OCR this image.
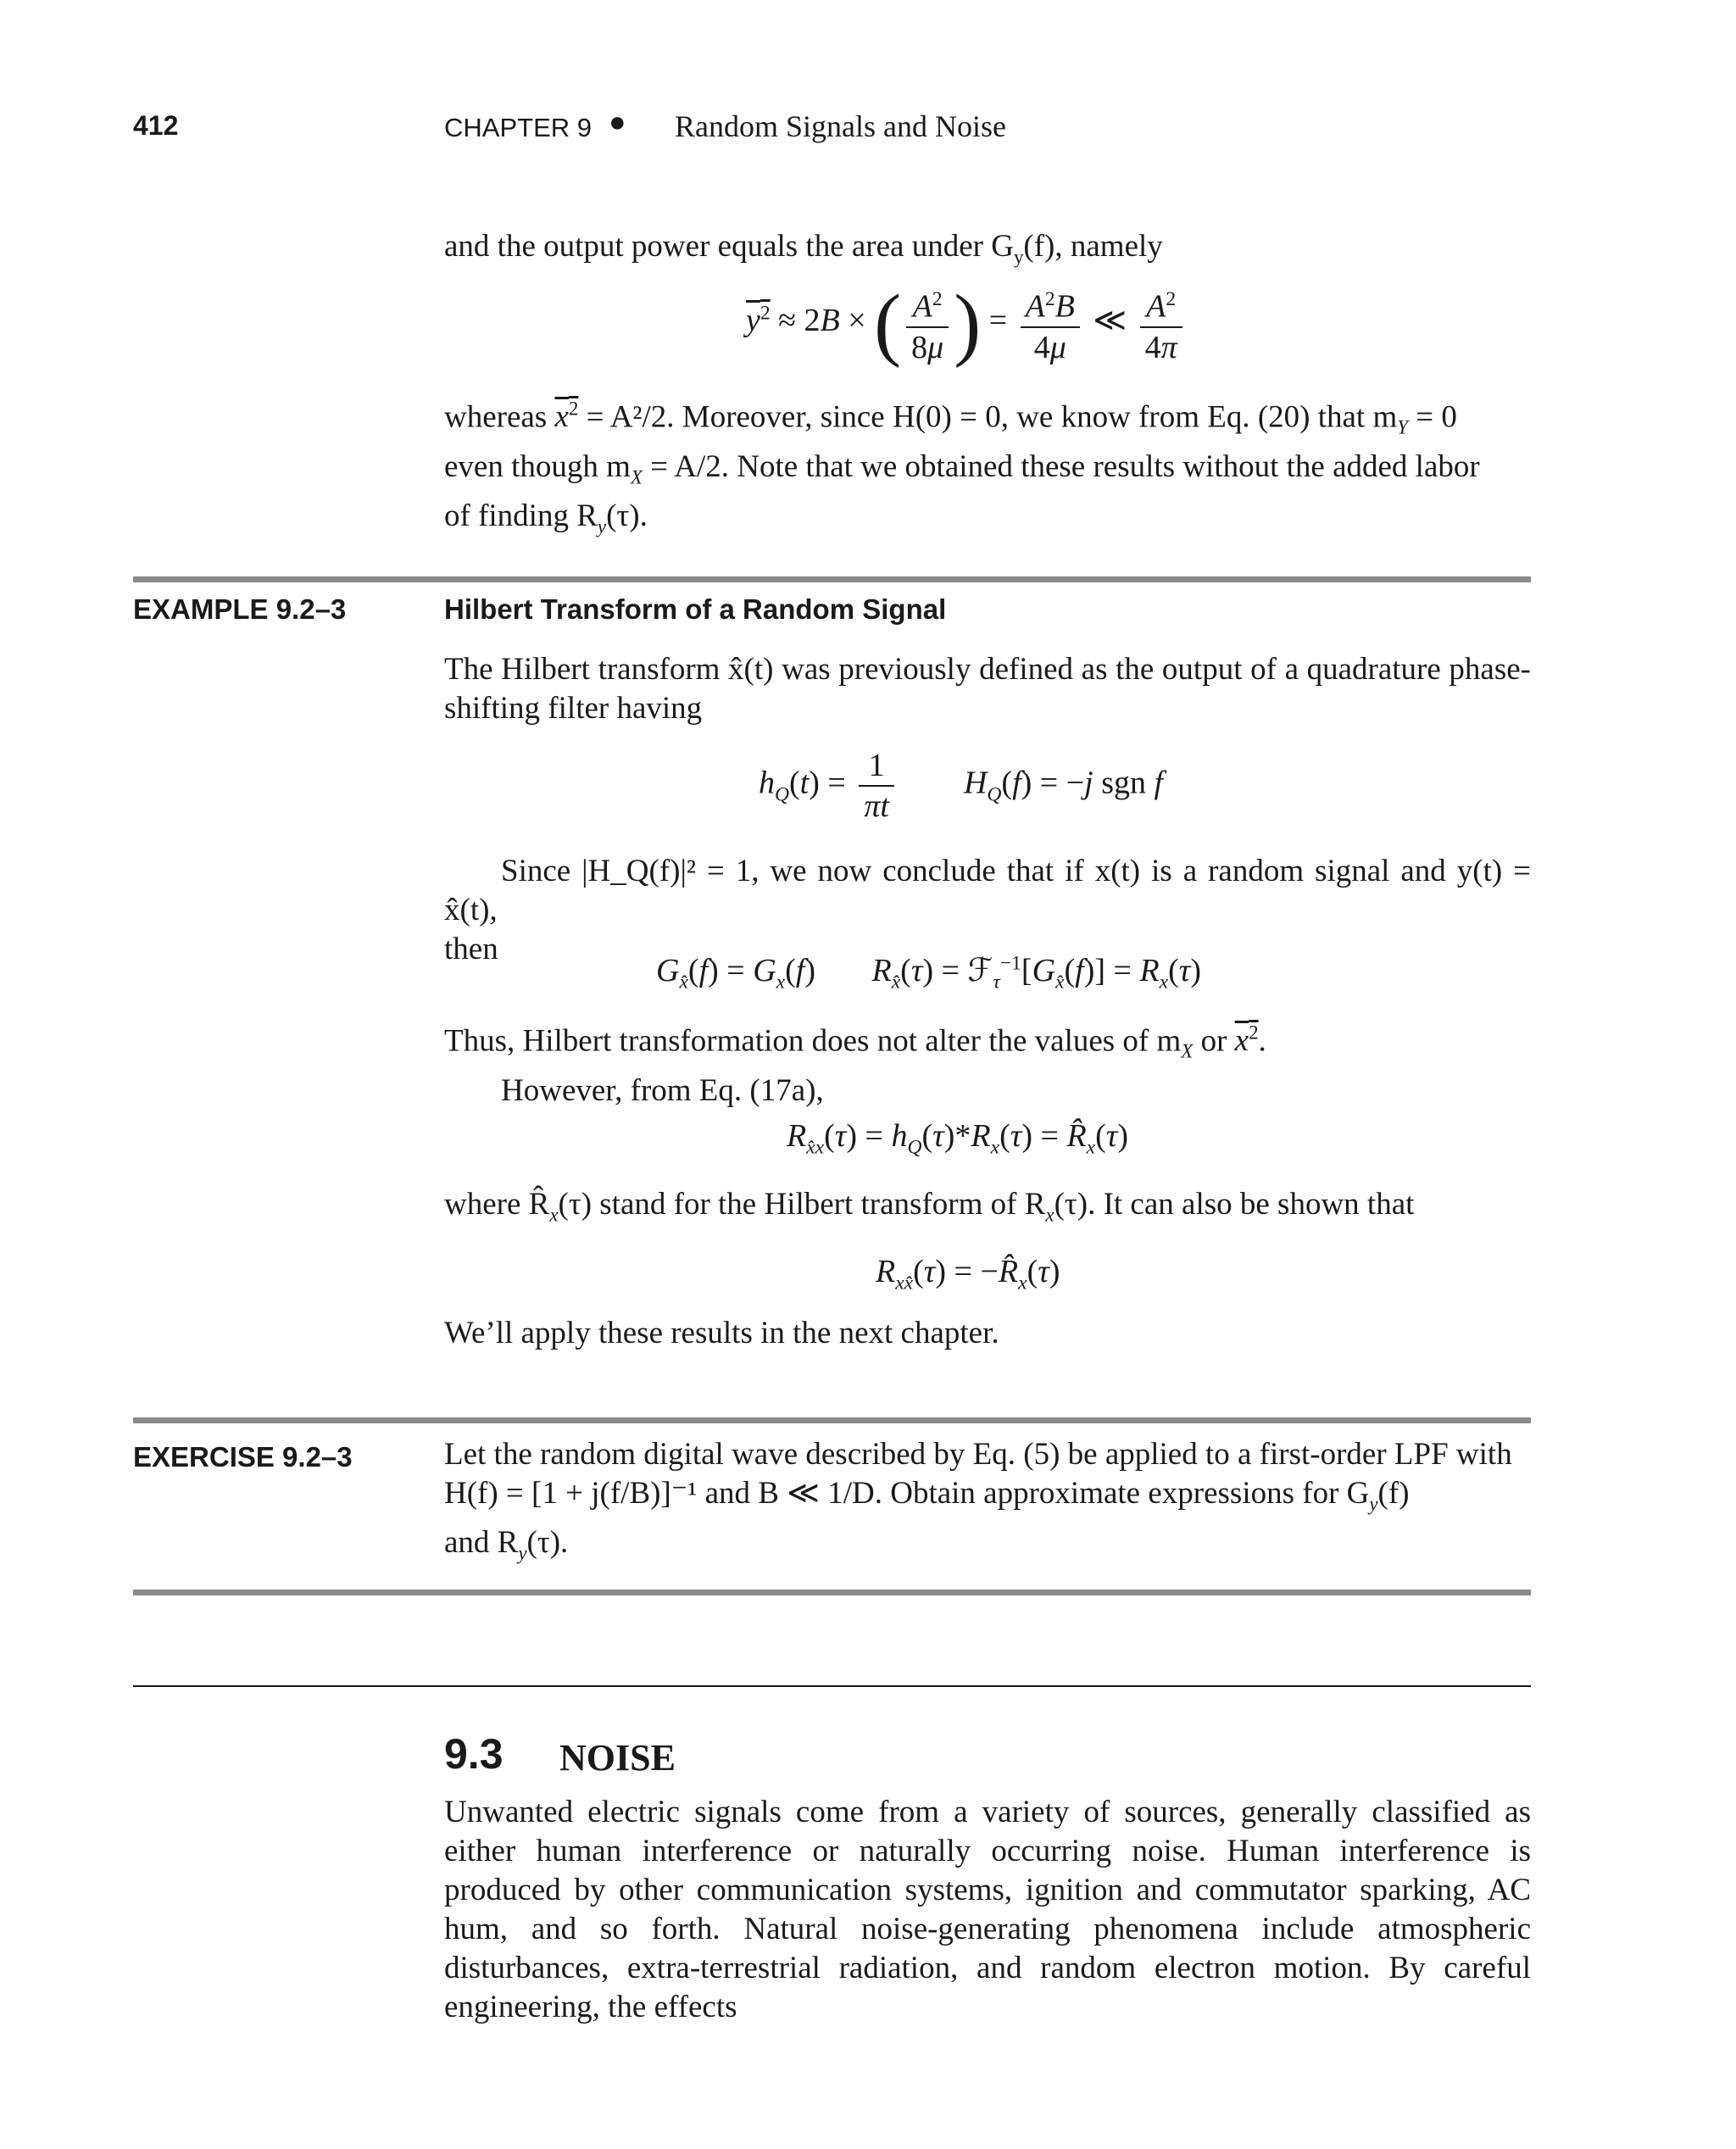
412	CHAPTER 9 ● Random Signals and Noise
and the output power equals the area under $G_y(f)$, namely
$y^2 \approx 2B$ × ( $\frac{A^2}{8\mu}$ ) = $\frac{A^2B}{4\mu}$ ≪ $\frac{A^2}{4\pi}$
whereas $x^2 = A^2/2$. Moreover, since H(0) = 0, we know from Eq. (20) that $m_Y = 0$
even though $m_X = A/2$. Note that we obtained these results without the added labor
of finding $R_y(\tau)$.
EXAMPLE 9.2–3	Hilbert Transform of a Random Signal
The Hilbert transform x̂(t) was previously defined as the output of a quadrature phase-shifting filter having
$h_Q(t) = \frac{1}{\pi t} H_Q(f) = -j$ sgn f
Since |H_Q(f)|² = 1, we now conclude that if x(t) is a random signal and y(t) = x̂(t),
then
$G_{x̂}(f) = G_x(f)$       $R_{x̂}(\tau)$ = $ℱ_\tau^{-1}[G_{x̂}(f)] = R_x(\tau)$
Thus, Hilbert transformation does not alter the values of $m_X$ or $x^2$.
However, from Eq. (17a),
$R_{x̂x}(\tau) = h_Q(\tau)*R_x(\tau)$ = $R̂_x(\tau)$
where $R̂_x(\tau)$ stand for the Hilbert transform of $R_x(\tau)$. It can also be shown that
$R_{xx̂}(\tau)$ = $-R̂_x(\tau)$
We’ll apply these results in the next chapter.
EXERCISE 9.2–3	Let the random digital wave described by Eq. (5) be applied to a first-order LPF with
H(f) = [1 + j(f/B)]⁻¹ and B ≪ 1/D. Obtain approximate expressions for $G_y(f)$
and $R_y(\tau)$.
9.3 NOISE
Unwanted electric signals come from a variety of sources, generally classified as either human interference or naturally occurring noise. Human interference is produced by other communication systems, ignition and commutator sparking, AC hum, and so forth. Natural noise-generating phenomena include atmospheric disturbances, extra-terrestrial radiation, and random electron motion. By careful engineering, the effects
